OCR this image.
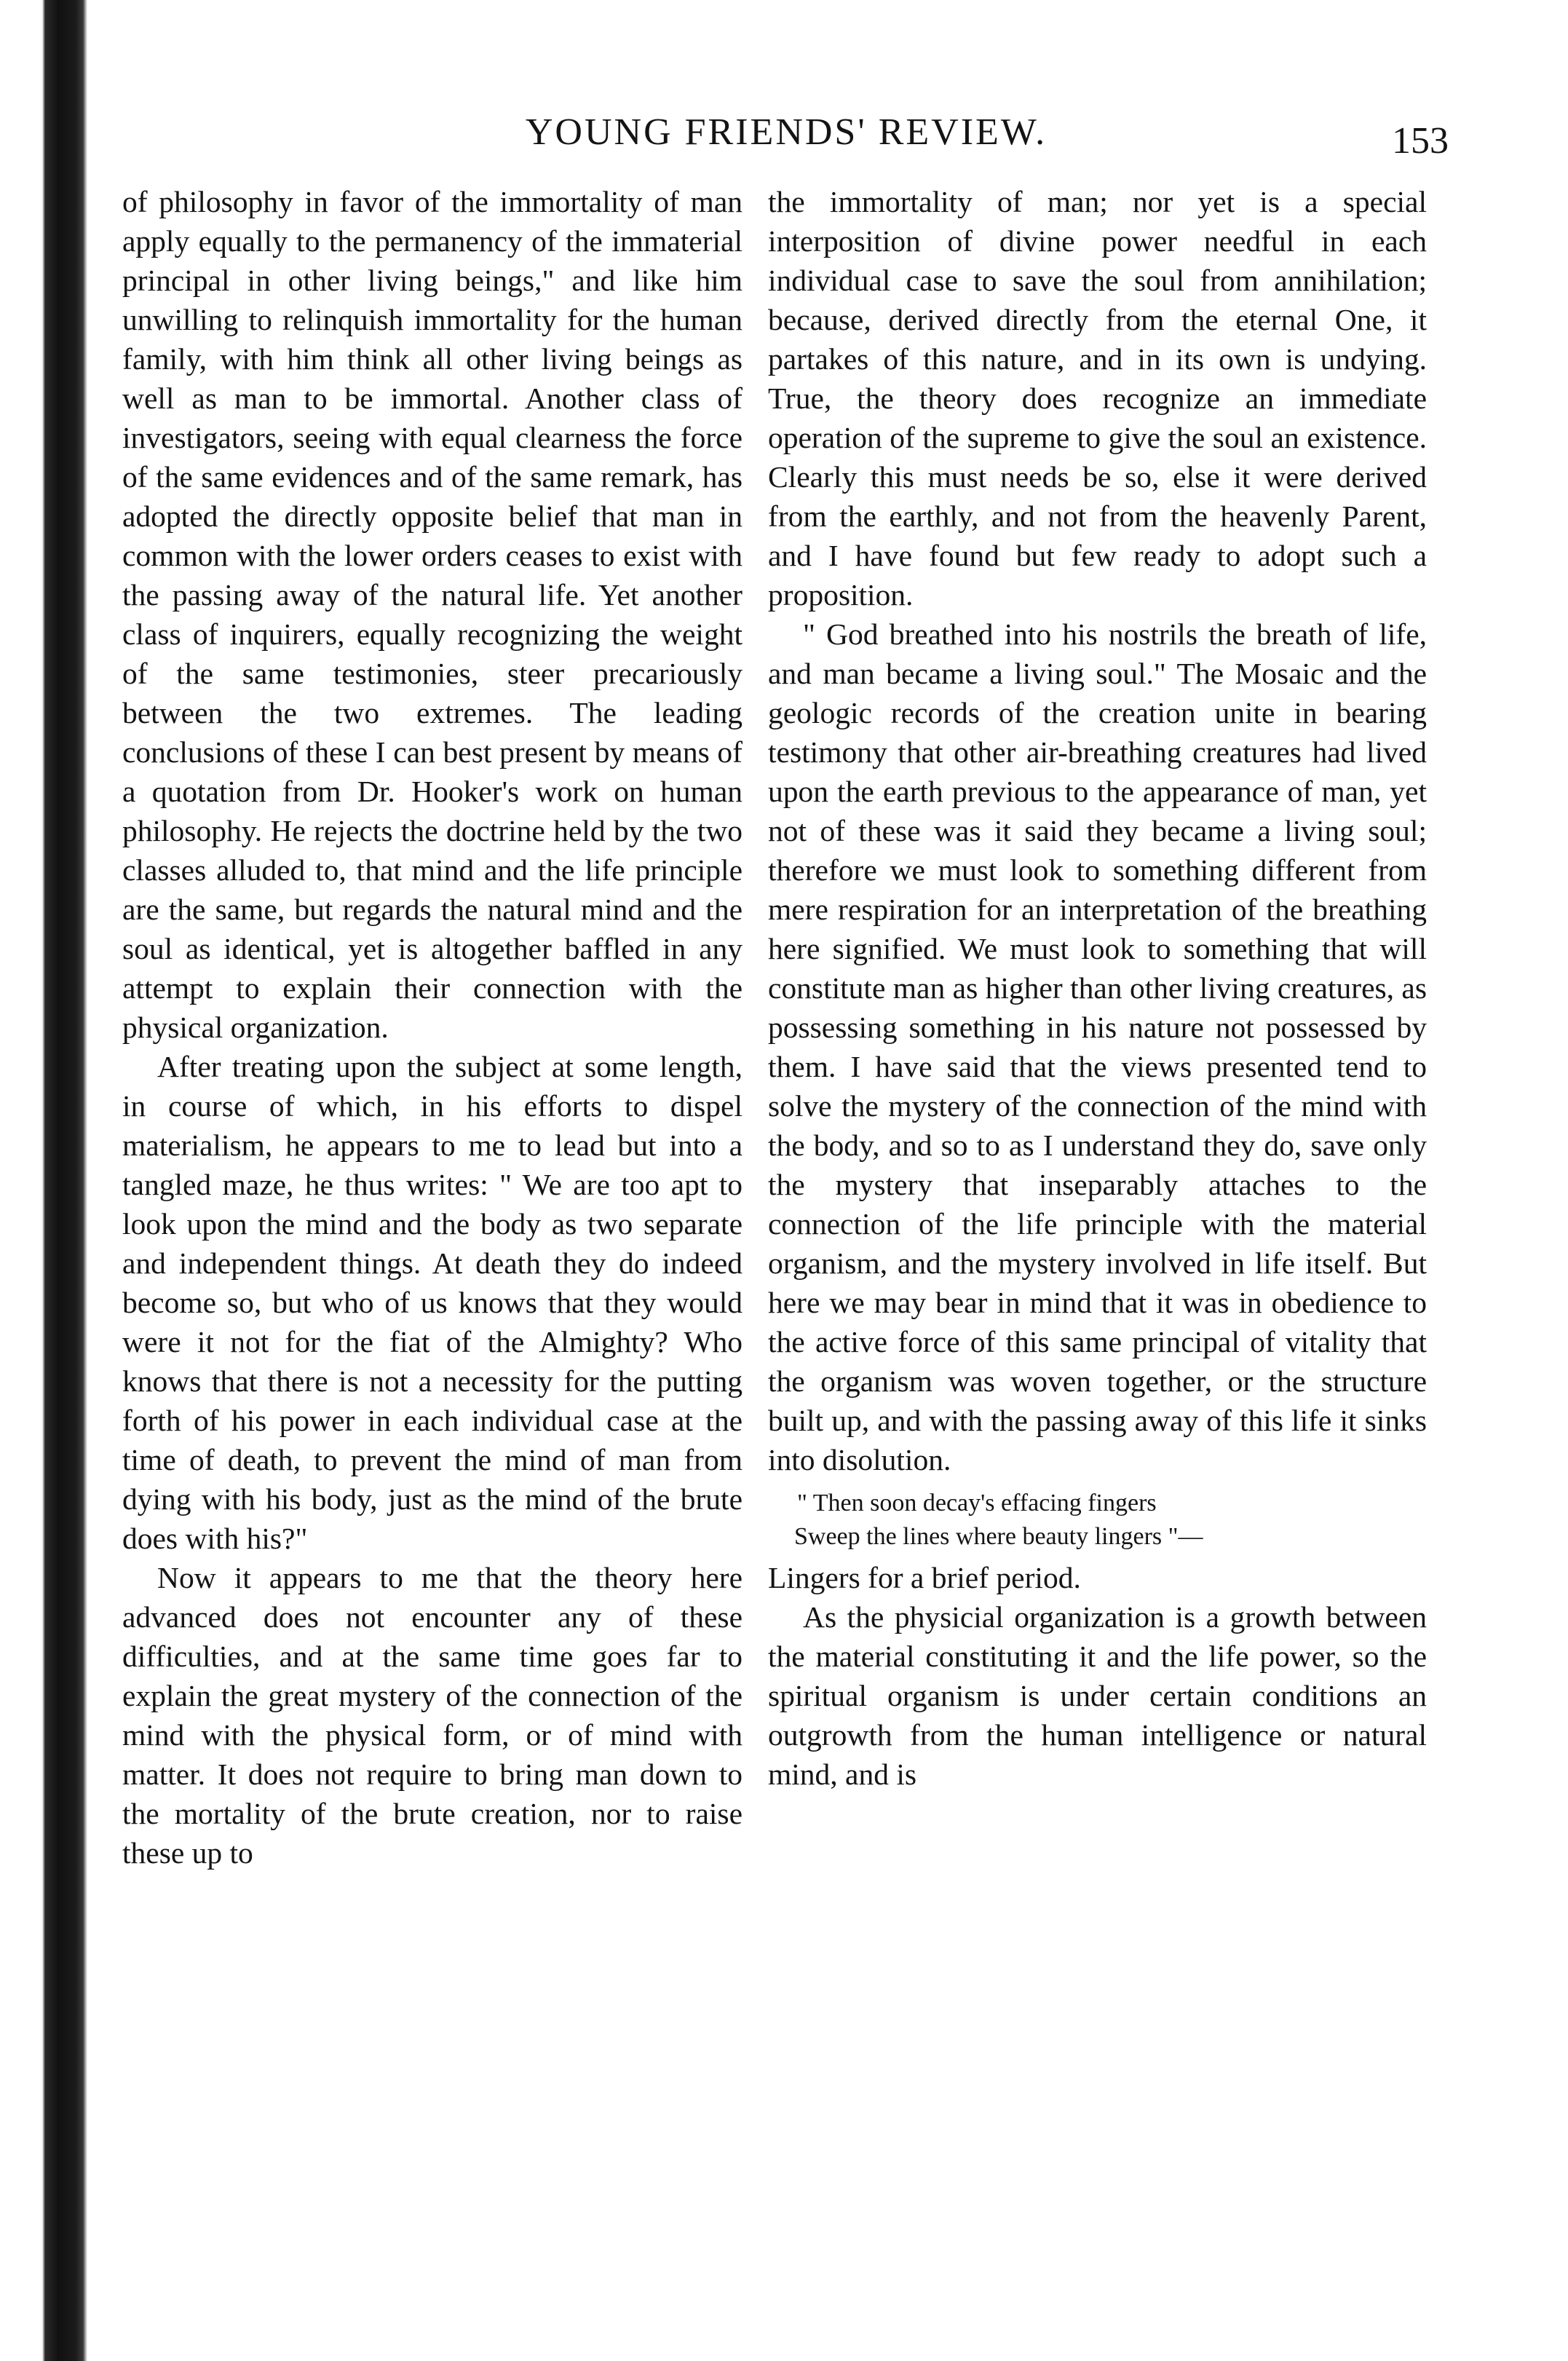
YOUNG FRIENDS' REVIEW.	153

of philosophy in favor of the immortality of man apply equally to the permanency of the immaterial principal in other living beings," and like him unwilling to relinquish immortality for the human family, with him think all other living beings as well as man to be immortal. Another class of investigators, seeing with equal clearness the force of the same evidences and of the same remark, has adopted the directly opposite belief that man in common with the lower orders ceases to exist with the passing away of the natural life. Yet another class of inquirers, equally recognizing the weight of the same testimonies, steer precariously between the two extremes. The leading conclusions of these I can best present by means of a quotation from Dr. Hooker's work on human philosophy. He rejects the doctrine held by the two classes alluded to, that mind and the life principle are the same, but regards the natural mind and the soul as identical, yet is altogether baffled in any attempt to explain their connection with the physical organization.

After treating upon the subject at some length, in course of which, in his efforts to dispel materialism, he appears to me to lead but into a tangled maze, he thus writes: " We are too apt to look upon the mind and the body as two separate and independent things. At death they do indeed become so, but who of us knows that they would were it not for the fiat of the Almighty? Who knows that there is not a necessity for the putting forth of his power in each individual case at the time of death, to prevent the mind of man from dying with his body, just as the mind of the brute does with his?"

Now it appears to me that the theory here advanced does not encounter any of these difficulties, and at the same time goes far to explain the great mystery of the connection of the mind with the physical form, or of mind with matter. It does not require to bring man down to the mortality of the brute creation, nor to raise these up to

the immortality of man; nor yet is a special interposition of divine power needful in each individual case to save the soul from annihilation; because, derived directly from the eternal One, it partakes of this nature, and in its own is undying. True, the theory does recognize an immediate operation of the supreme to give the soul an existence. Clearly this must needs be so, else it were derived from the earthly, and not from the heavenly Parent, and I have found but few ready to adopt such a proposition.

" God breathed into his nostrils the breath of life, and man became a living soul." The Mosaic and the geologic records of the creation unite in bearing testimony that other air-breathing creatures had lived upon the earth previous to the appearance of man, yet not of these was it said they became a living soul; therefore we must look to something different from mere respiration for an interpretation of the breathing here signified. We must look to something that will constitute man as higher than other living creatures, as possessing something in his nature not possessed by them. I have said that the views presented tend to solve the mystery of the connection of the mind with the body, and so to as I understand they do, save only the mystery that inseparably attaches to the connection of the life principle with the material organism, and the mystery involved in life itself. But here we may bear in mind that it was in obedience to the active force of this same principal of vitality that the organism was woven together, or the structure built up, and with the passing away of this life it sinks into disolution.

" Then soon decay's effacing fingers
Sweep the lines where beauty lingers "—

Lingers for a brief period.

As the physicial organization is a growth between the material constituting it and the life power, so the spiritual organism is under certain conditions an outgrowth from the human intelligence or natural mind, and is
